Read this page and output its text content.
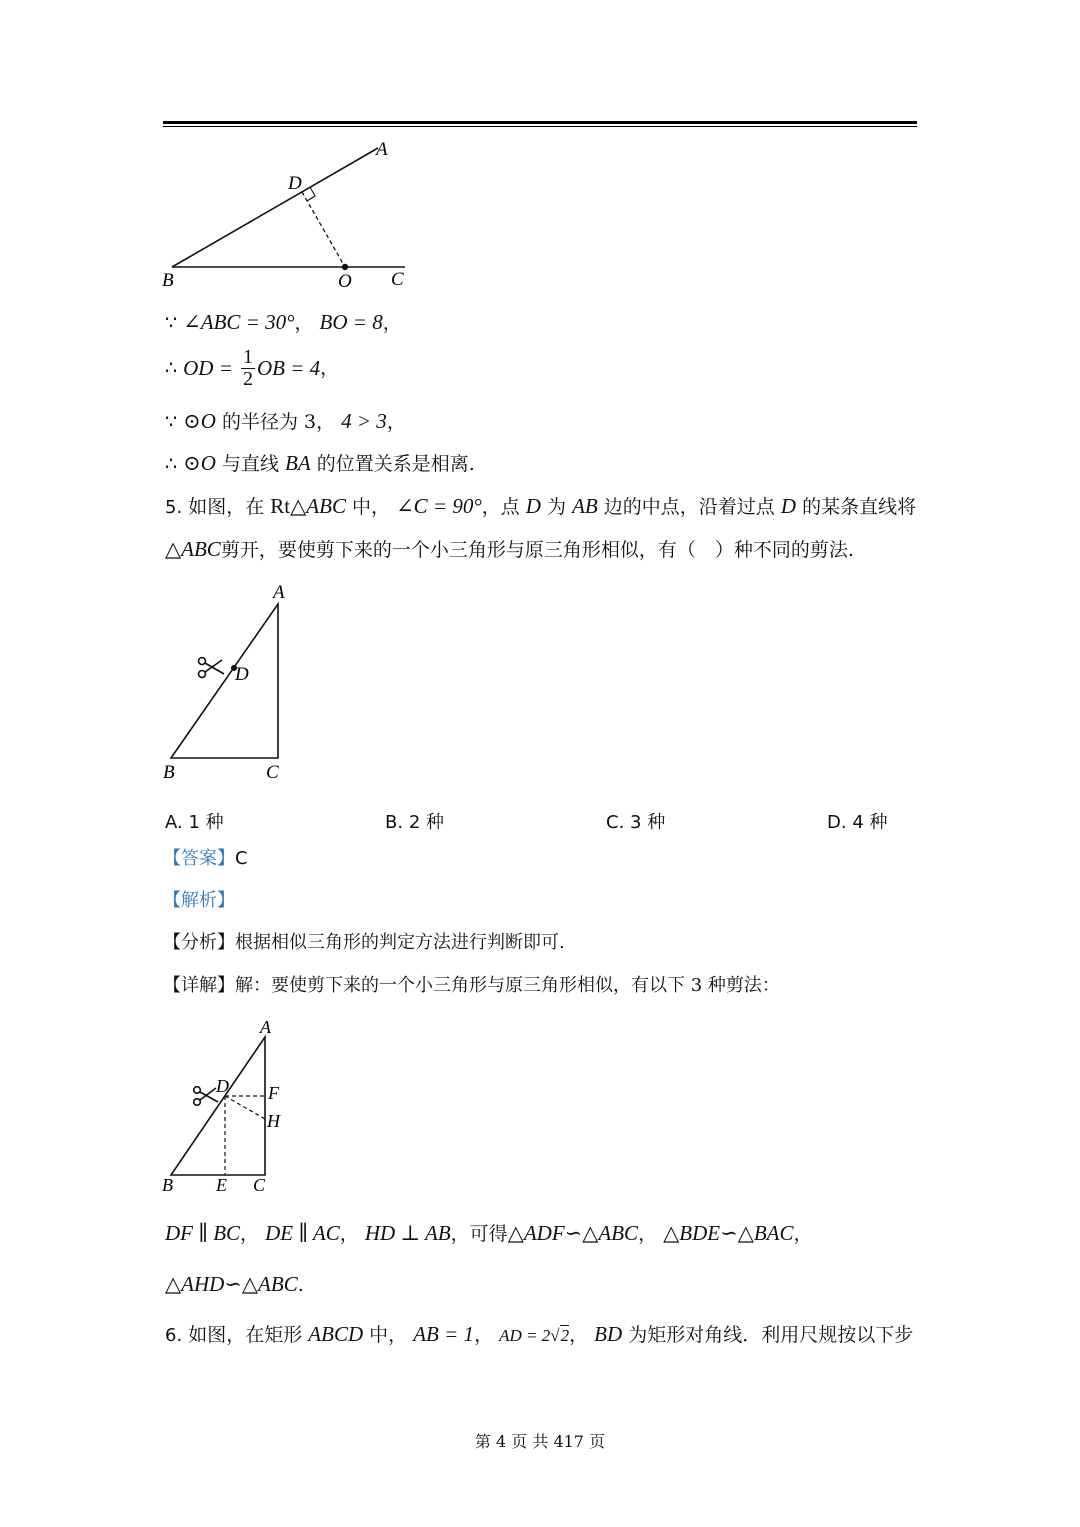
A
D
B	O C
∵ ∠ABC = 30°， BO = 8，
∴ OD = $\frac{1}{2}$ OB = 4，
∵ ⊙O 的半径为 3， 4 > 3，
∴ ⊙O 与直线 BA 的位置关系是相离.
5. 如图，在 Rt△ABC 中， ∠C = 90°，点 D 为 AB 边的中点，沿着过点 D 的某条直线将
△ABC剪开，要使剪下来的一个小三角形与原三角形相似，有（　）种不同的剪法.
A
D
B	C
A. 1 种	B. 2 种	C. 3 种	D. 4 种
【答案】C
【解析】
【分析】根据相似三角形的判定方法进行判断即可.
【详解】解：要使剪下来的一个小三角形与原三角形相似，有以下 3 种剪法：
A
D F
H
B E C
DF ∥ BC， DE ∥ AC， HD ⊥ AB，可得△ADF∽△ABC， △BDE∽△BAC，
△AHD∽△ABC.
6. 如图，在矩形 ABCD 中， AB = 1， AD = 2√2， BD 为矩形对角线．利用尺规按以下步
第 4 页 共 417 页
